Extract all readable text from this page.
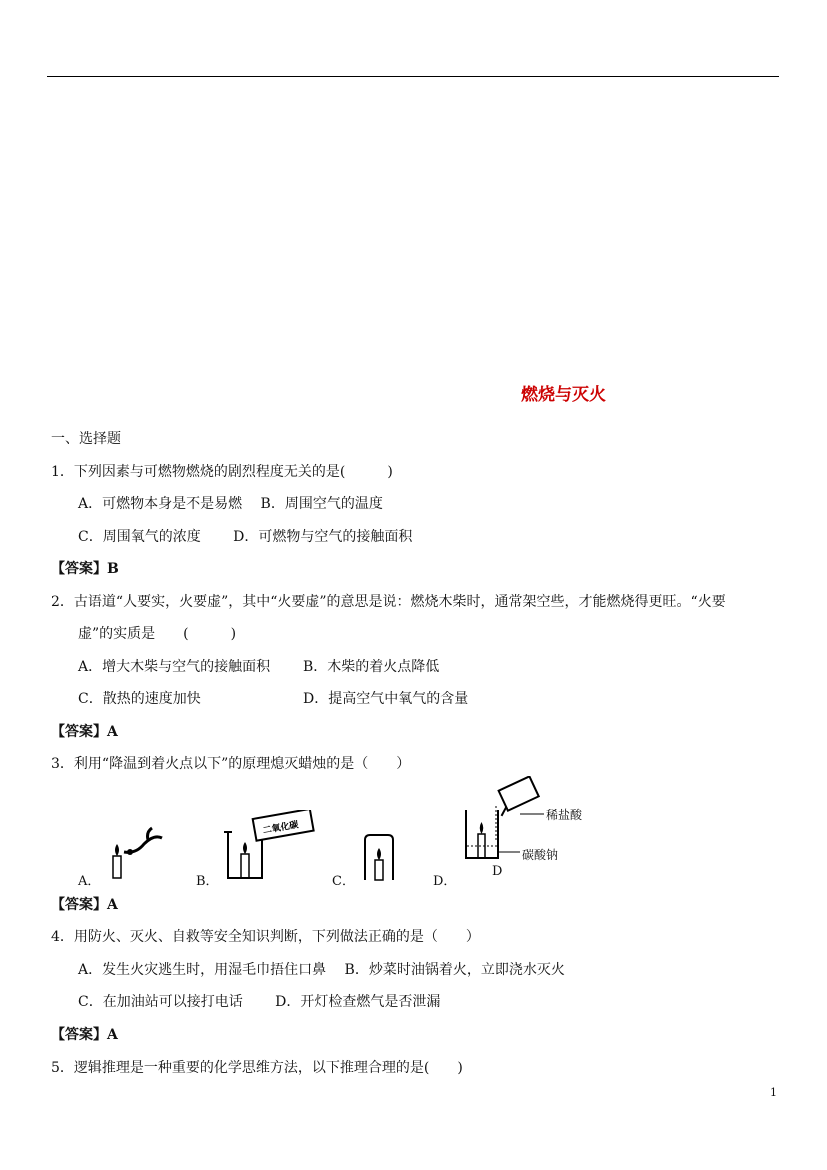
燃烧与灭火
一、选择题
1．下列因素与可燃物燃烧的剧烈程度无关的是(　　　)
A．可燃物本身是不是易燃　 B．周围空气的温度
C．周围氧气的浓度　　 D．可燃物与空气的接触面积
【答案】B
2．古语道“人要实，火要虚”，其中“火要虚”的意思是说：燃烧木柴时，通常架空些，才能燃烧得更旺。“火要
虚”的实质是　　(　　　)
A．增大木柴与空气的接触面积 B．木柴的着火点降低
C．散热的速度加快	D．提高空气中氧气的含量
【答案】A
3．利用“降温到着火点以下”的原理熄灭蜡烛的是（　　）
A．
二氧化碳
B．	C．
稀盐酸
碳酸钠
D
D．
【答案】A
4．用防火、灭火、自救等安全知识判断，下列做法正确的是（　　）
A．发生火灾逃生时，用湿毛巾捂住口鼻　 B．炒菜时油锅着火，立即浇水灭火
C．在加油站可以接打电话　　 D．开灯检查燃气是否泄漏
【答案】A
5．逻辑推理是一种重要的化学思维方法，以下推理合理的是(　　)
1
